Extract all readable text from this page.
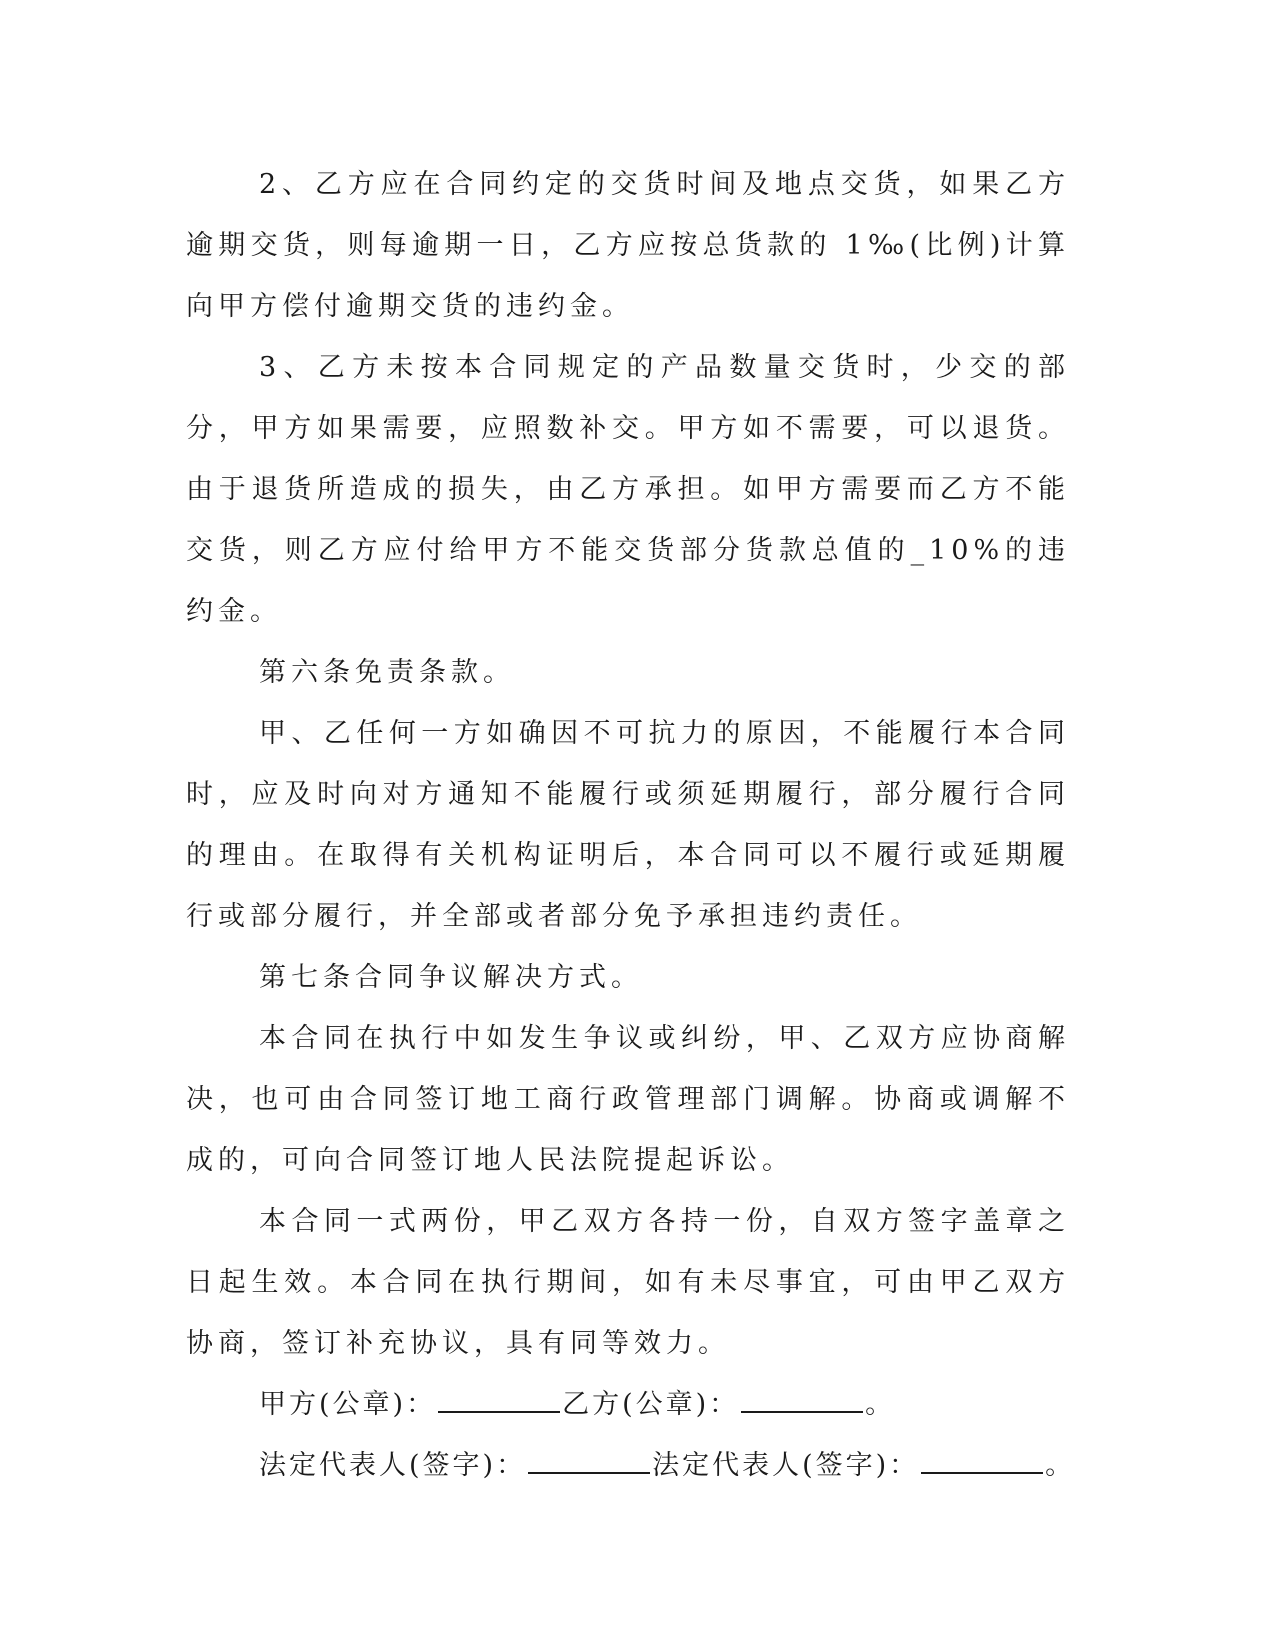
2、乙方应在合同约定的交货时间及地点交货，如果乙方逾期交货，则每逾期一日，乙方应按总货款的 1‰(比例)计算向甲方偿付逾期交货的违约金。

3、乙方未按本合同规定的产品数量交货时，少交的部分，甲方如果需要，应照数补交。甲方如不需要，可以退货。由于退货所造成的损失，由乙方承担。如甲方需要而乙方不能交货，则乙方应付给甲方不能交货部分货款总值的_10%的违约金。

第六条免责条款。

甲、乙任何一方如确因不可抗力的原因，不能履行本合同时，应及时向对方通知不能履行或须延期履行，部分履行合同的理由。在取得有关机构证明后，本合同可以不履行或延期履行或部分履行，并全部或者部分免予承担违约责任。

第七条合同争议解决方式。

本合同在执行中如发生争议或纠纷，甲、乙双方应协商解决，也可由合同签订地工商行政管理部门调解。协商或调解不成的，可向合同签订地人民法院提起诉讼。

本合同一式两份，甲乙双方各持一份，自双方签字盖章之日起生效。本合同在执行期间，如有未尽事宜，可由甲乙双方协商，签订补充协议，具有同等效力。

甲方(公章)：	乙方(公章)：	。

法定代表人(签字)：	法定代表人(签字)：	。
